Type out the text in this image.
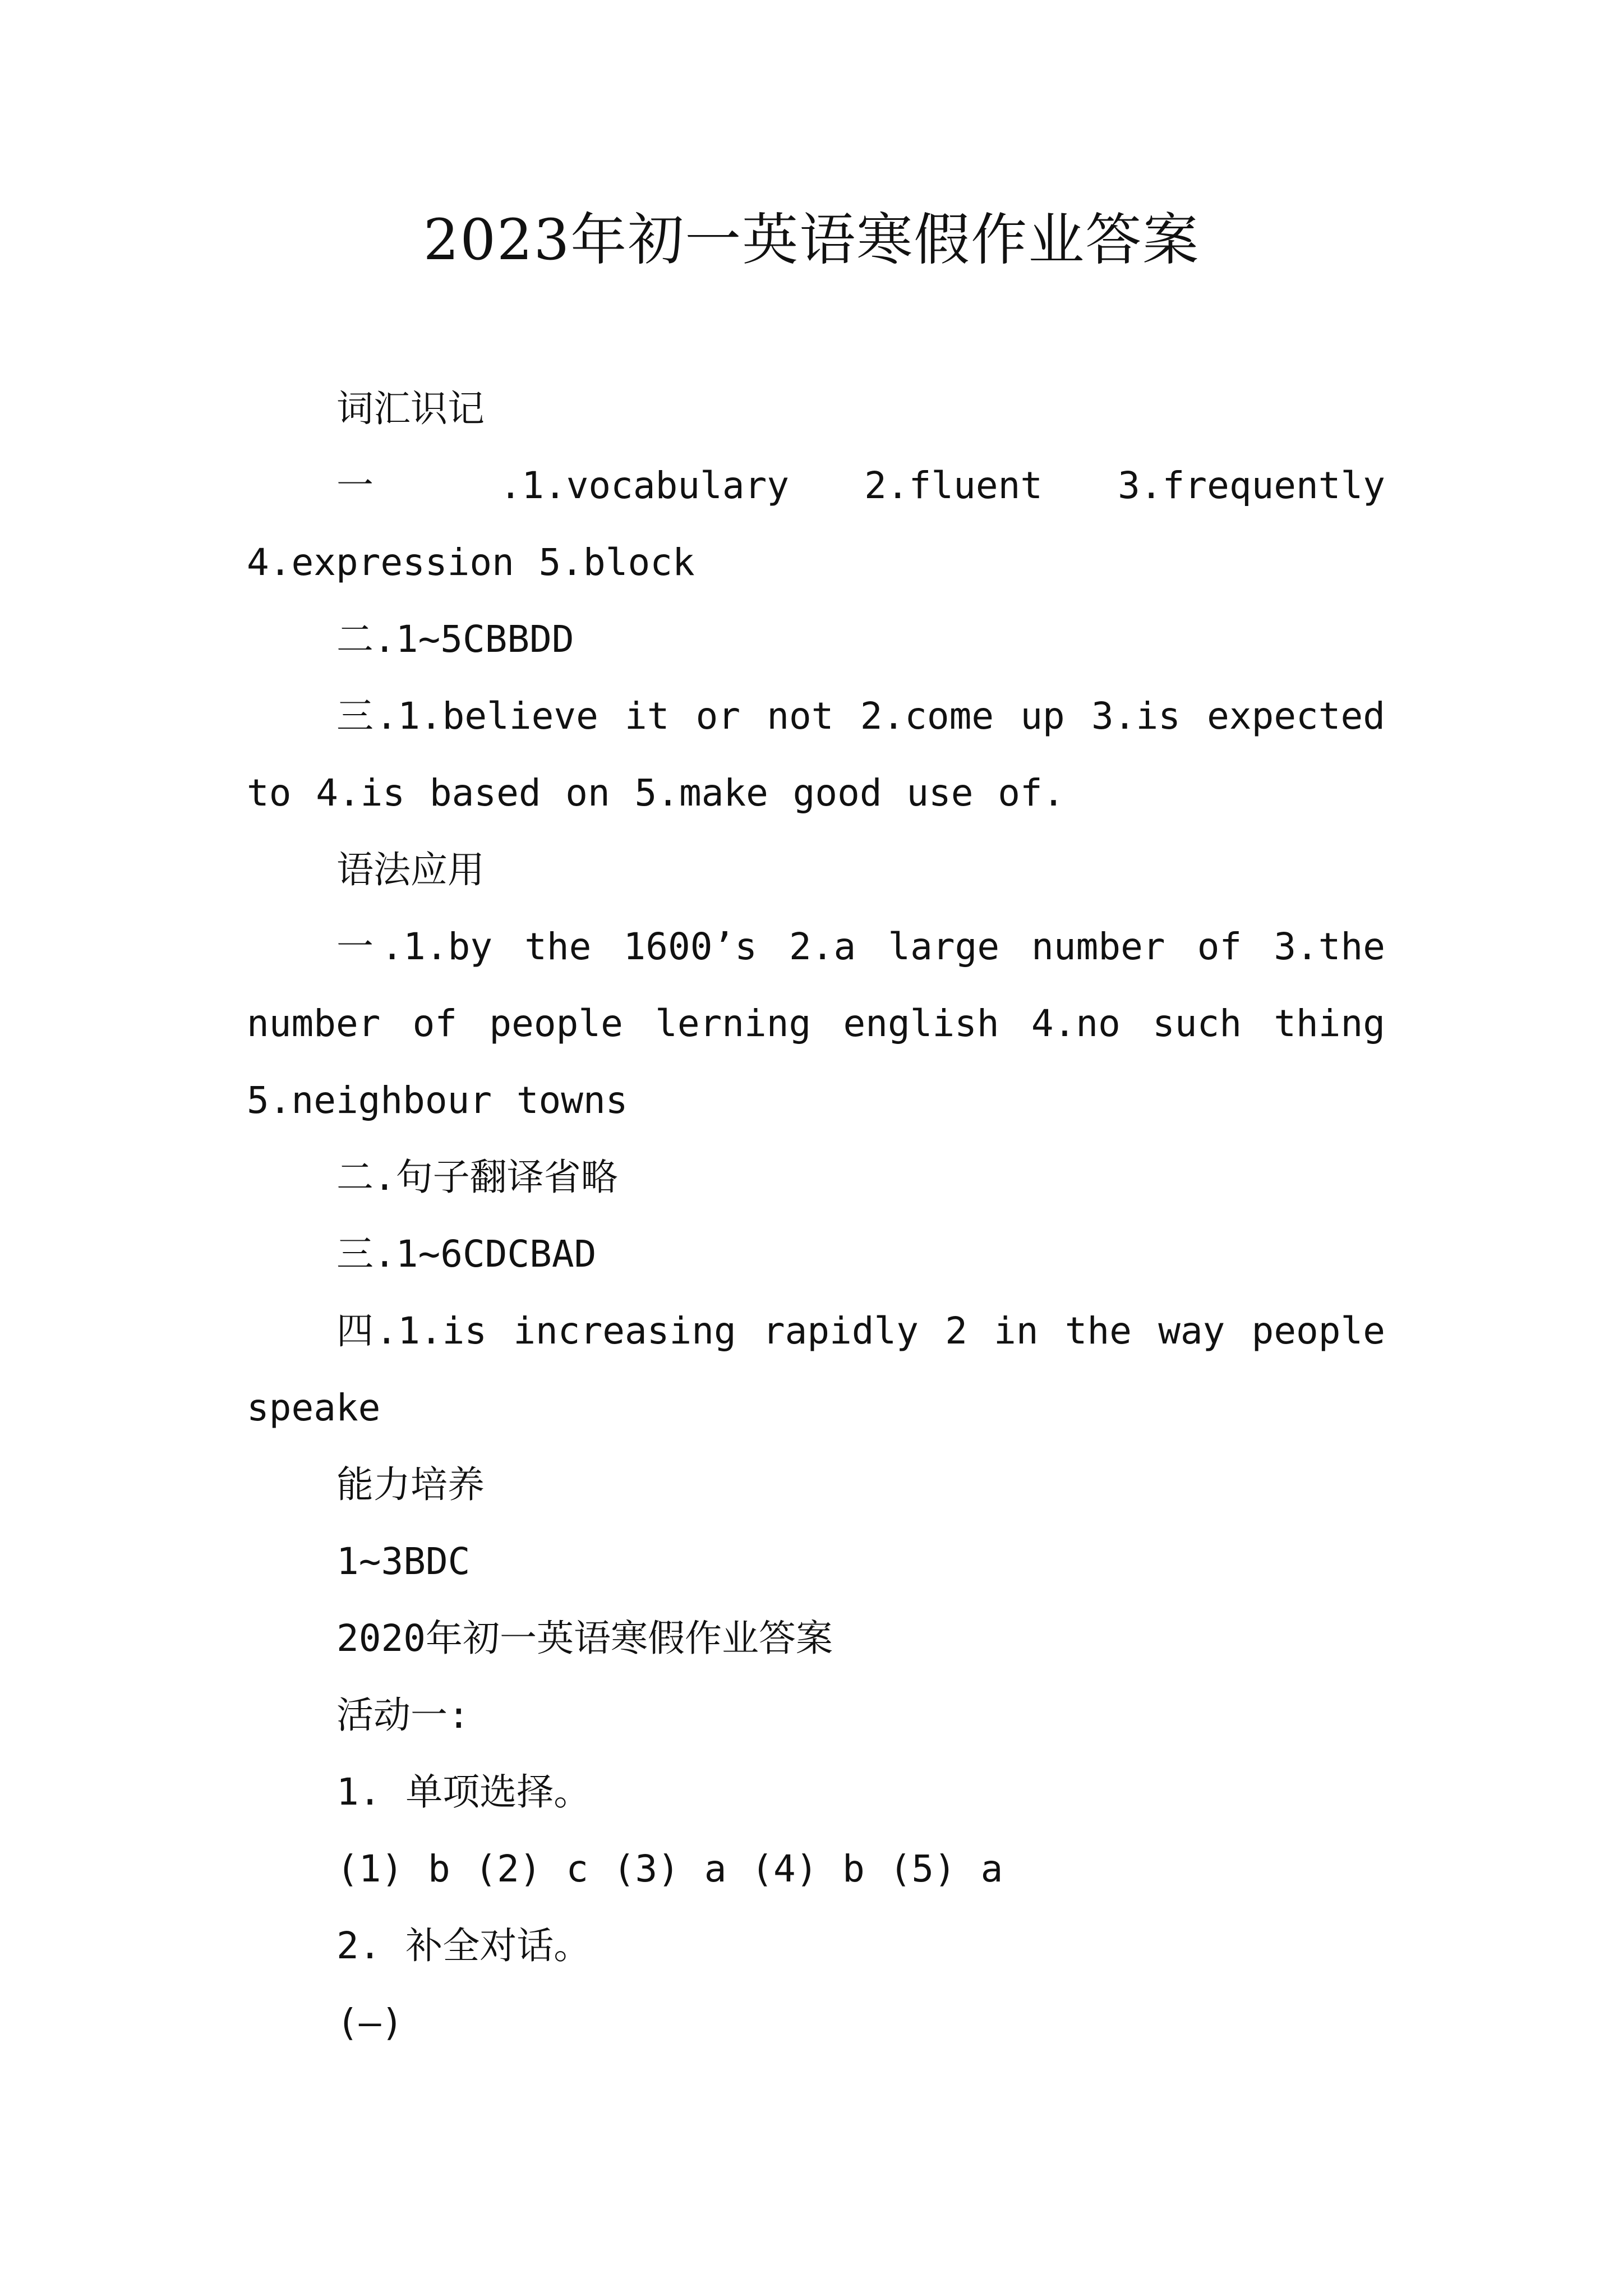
2023年初一英语寒假作业答案

词汇识记

一 .1.vocabulary 2.fluent 3.frequently 4.expression 5.block

二.1~5CBBDD

三.1.believe it or not 2.come up 3.is expected to 4.is based on 5.make good use of.

语法应用

一.1.by the 1600’s 2.a large number of 3.the number of people lerning english 4.no such thing 5.neighbour towns

二.句子翻译省略

三.1~6CDCBAD

四.1.is increasing rapidly 2 in the way people speake

能力培养

1~3BDC

2020年初一英语寒假作业答案

活动一:

1. 单项选择。

(1) b (2) c (3) a (4) b (5) a

2. 补全对话。

(—)
